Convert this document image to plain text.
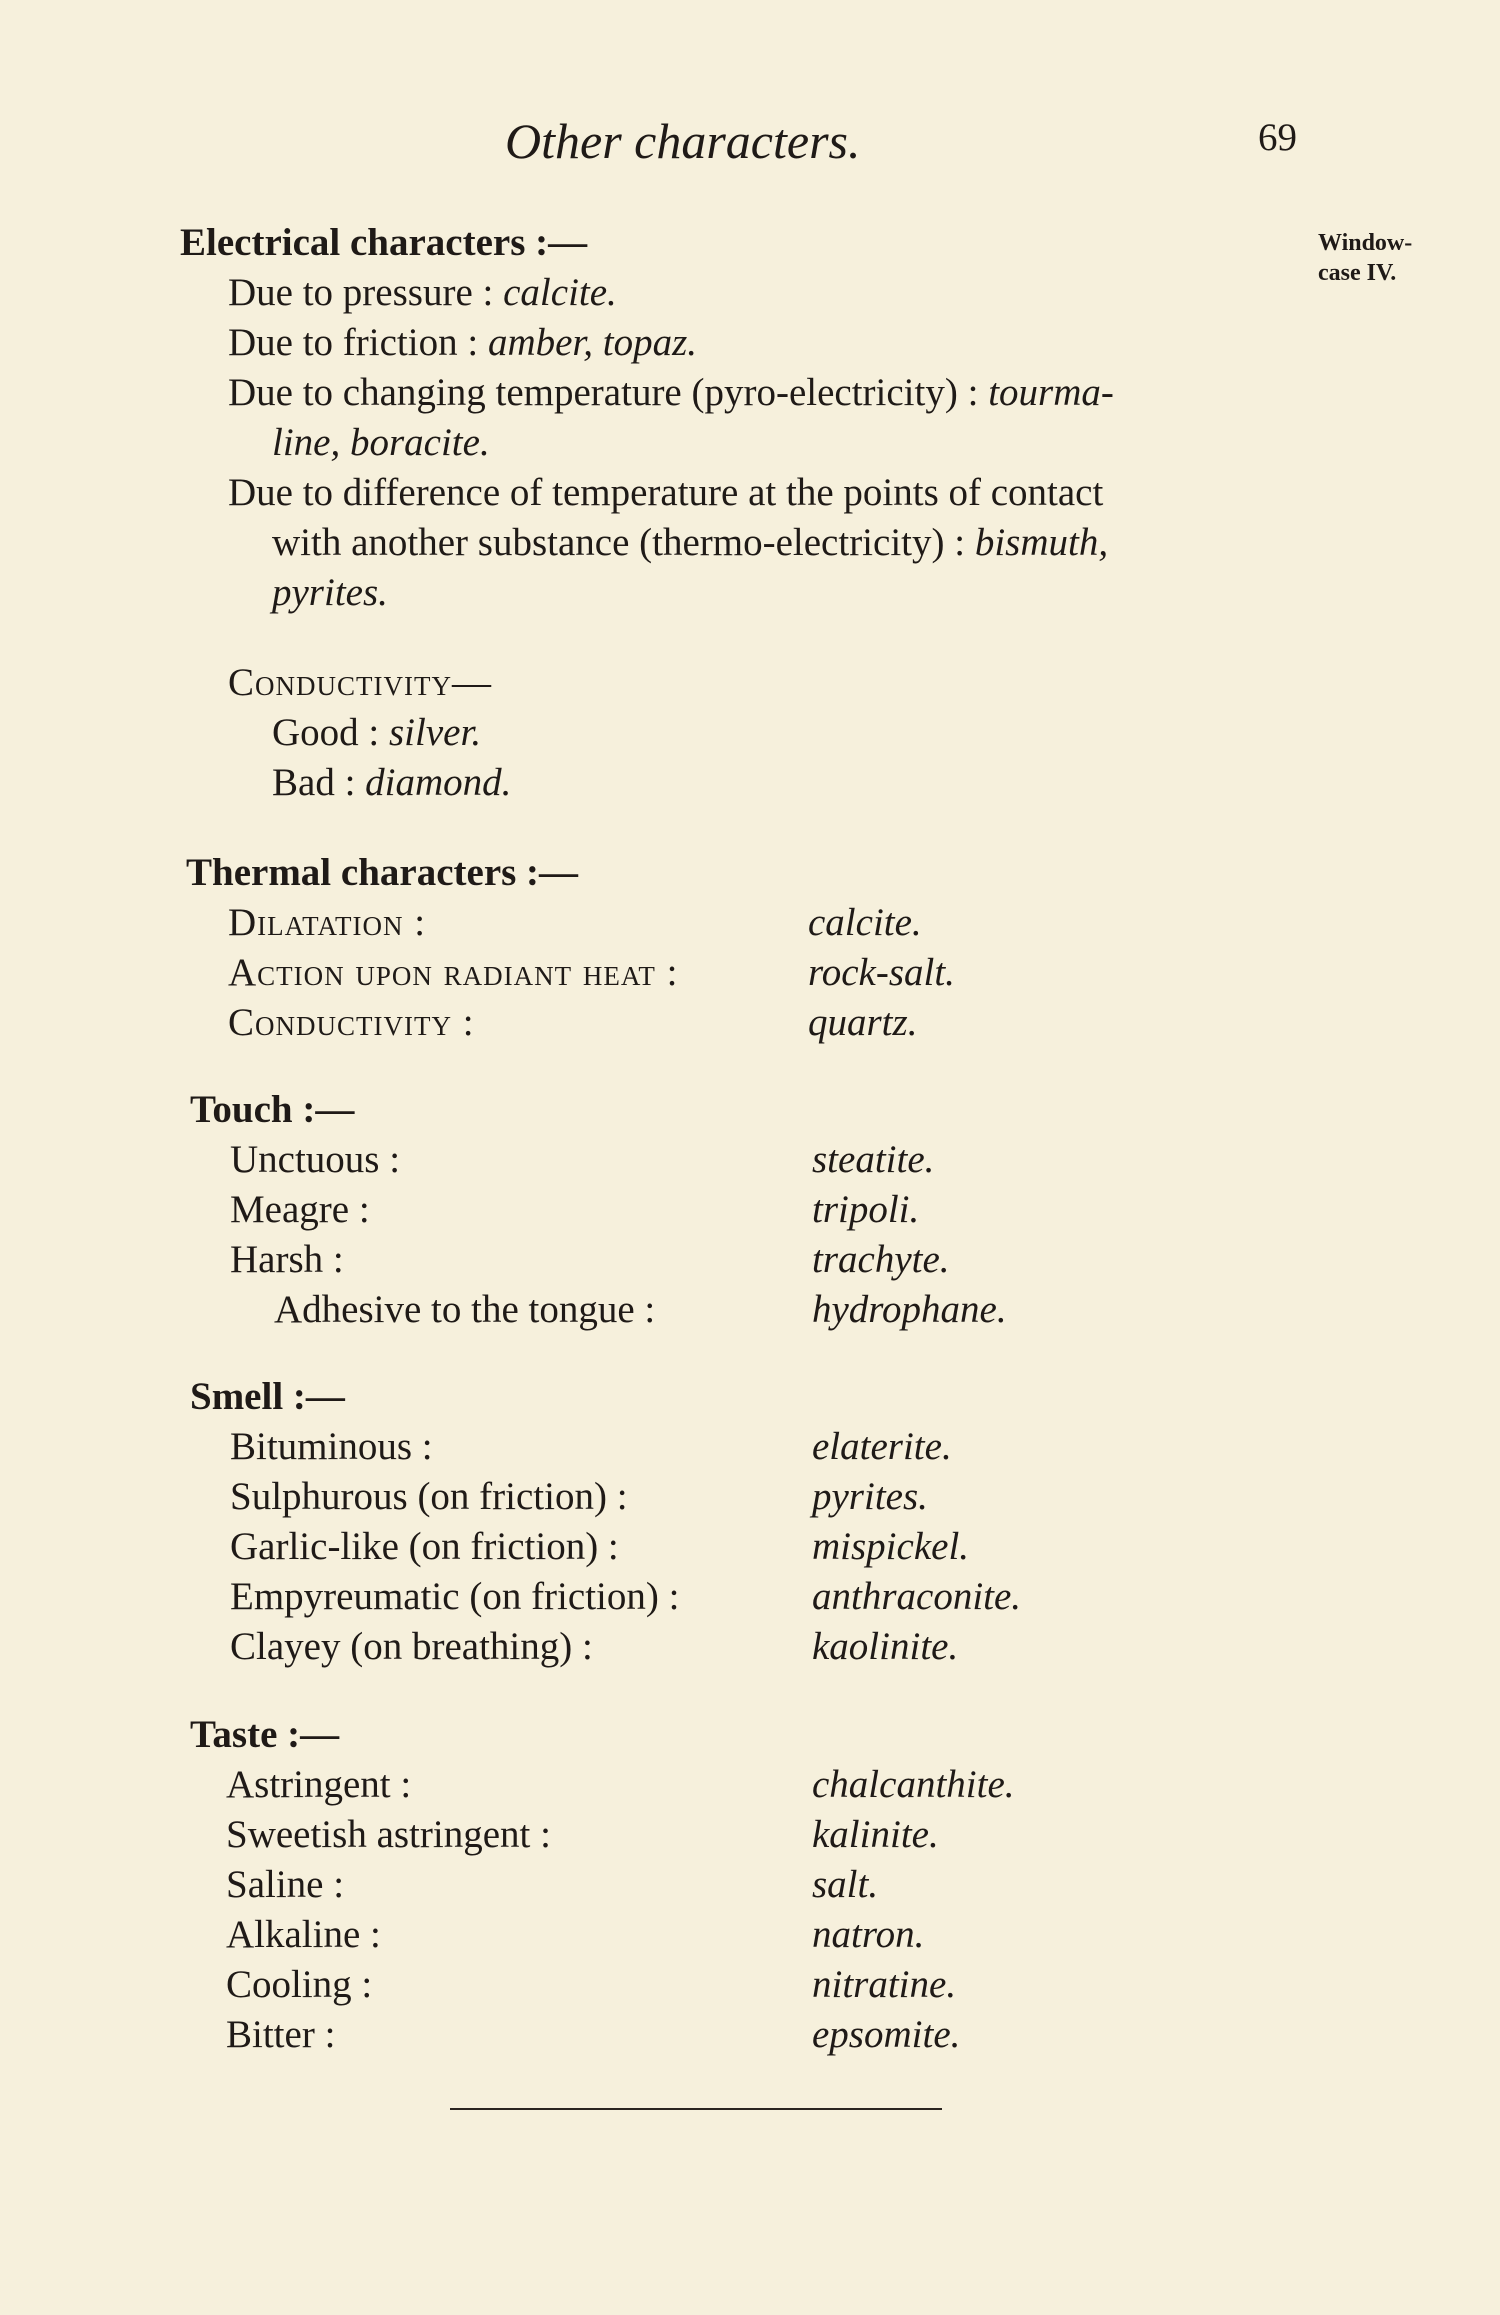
Other characters.	69
Window-
case IV.
Electrical characters :—
Due to pressure : calcite.
Due to friction : amber, topaz.
Due to changing temperature (pyro-electricity) : tourma-
line, boracite.
Due to difference of temperature at the points of contact
with another substance (thermo-electricity) : bismuth,
pyrites.
Conductivity—
Good : silver.
Bad : diamond.
Thermal characters :—
Dilatation :	calcite.
Action upon radiant heat :	rock-salt.
Conductivity :	quartz.
Touch :—
Unctuous :	steatite.
Meagre :	tripoli.
Harsh :	trachyte.
Adhesive to the tongue :	hydrophane.
Smell :—
Bituminous :	elaterite.
Sulphurous (on friction) :	pyrites.
Garlic-like (on friction) :	mispickel.
Empyreumatic (on friction) :	anthraconite.
Clayey (on breathing) :	kaolinite.
Taste :—
Astringent :	chalcanthite.
Sweetish astringent :	kalinite.
Saline :	salt.
Alkaline :	natron.
Cooling :	nitratine.
Bitter :	epsomite.
